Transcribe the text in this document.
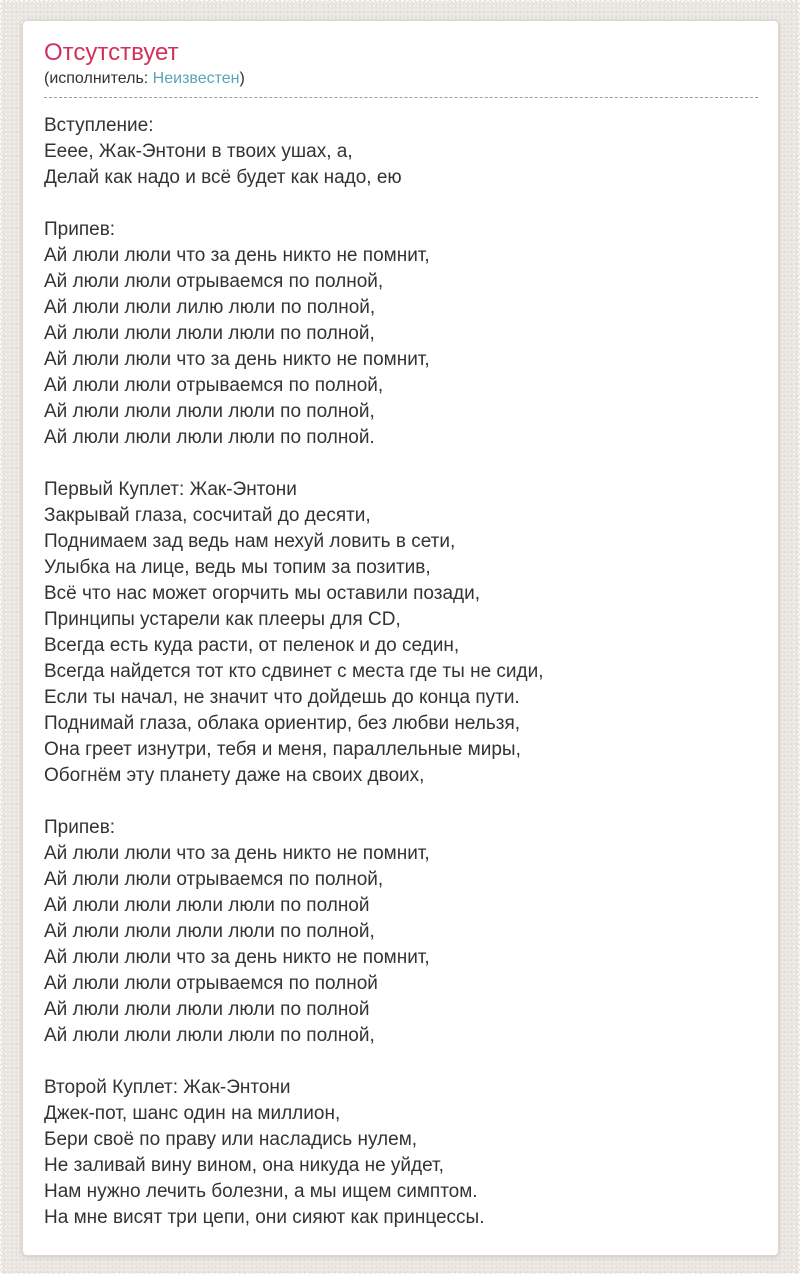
Отсутствует
(исполнитель: Неизвестен)
Вступление:
Ееее, Жак-Энтони в твоих ушах, а,
Делай как надо и всё будет как надо, ею
Припев:
Ай люли люли что за день никто не помнит,
Ай люли люли отрываемся по полной,
Ай люли люли лилю люли по полной,
Ай люли люли люли люли по полной,
Ай люли люли что за день никто не помнит,
Ай люли люли отрываемся по полной,
Ай люли люли люли люли по полной,
Ай люли люли люли люли по полной.
Первый Куплет: Жак-Энтони
Закрывай глаза, сосчитай до десяти,
Поднимаем зад ведь нам нехуй ловить в сети,
Улыбка на лице, ведь мы топим за позитив,
Всё что нас может огорчить мы оставили позади,
Принципы устарели как плееры для CD,
Всегда есть куда расти, от пеленок и до седин,
Всегда найдется тот кто сдвинет с места где ты не сиди,
Если ты начал, не значит что дойдешь до конца пути.
Поднимай глаза, облака ориентир, без любви нельзя,
Она греет изнутри, тебя и меня, параллельные миры,
Обогнём эту планету даже на своих двоих,
Припев:
Ай люли люли что за день никто не помнит,
Ай люли люли отрываемся по полной,
Ай люли люли люли люли по полной
Ай люли люли люли люли по полной,
Ай люли люли что за день никто не помнит,
Ай люли люли отрываемся по полной
Ай люли люли люли люли по полной
Ай люли люли люли люли по полной,
Второй Куплет: Жак-Энтони
Джек-пот, шанс один на миллион,
Бери своё по праву или насладись нулем,
Не заливай вину вином, она никуда не уйдет,
Нам нужно лечить болезни, а мы ищем симптом.
На мне висят три цепи, они сияют как принцессы.
